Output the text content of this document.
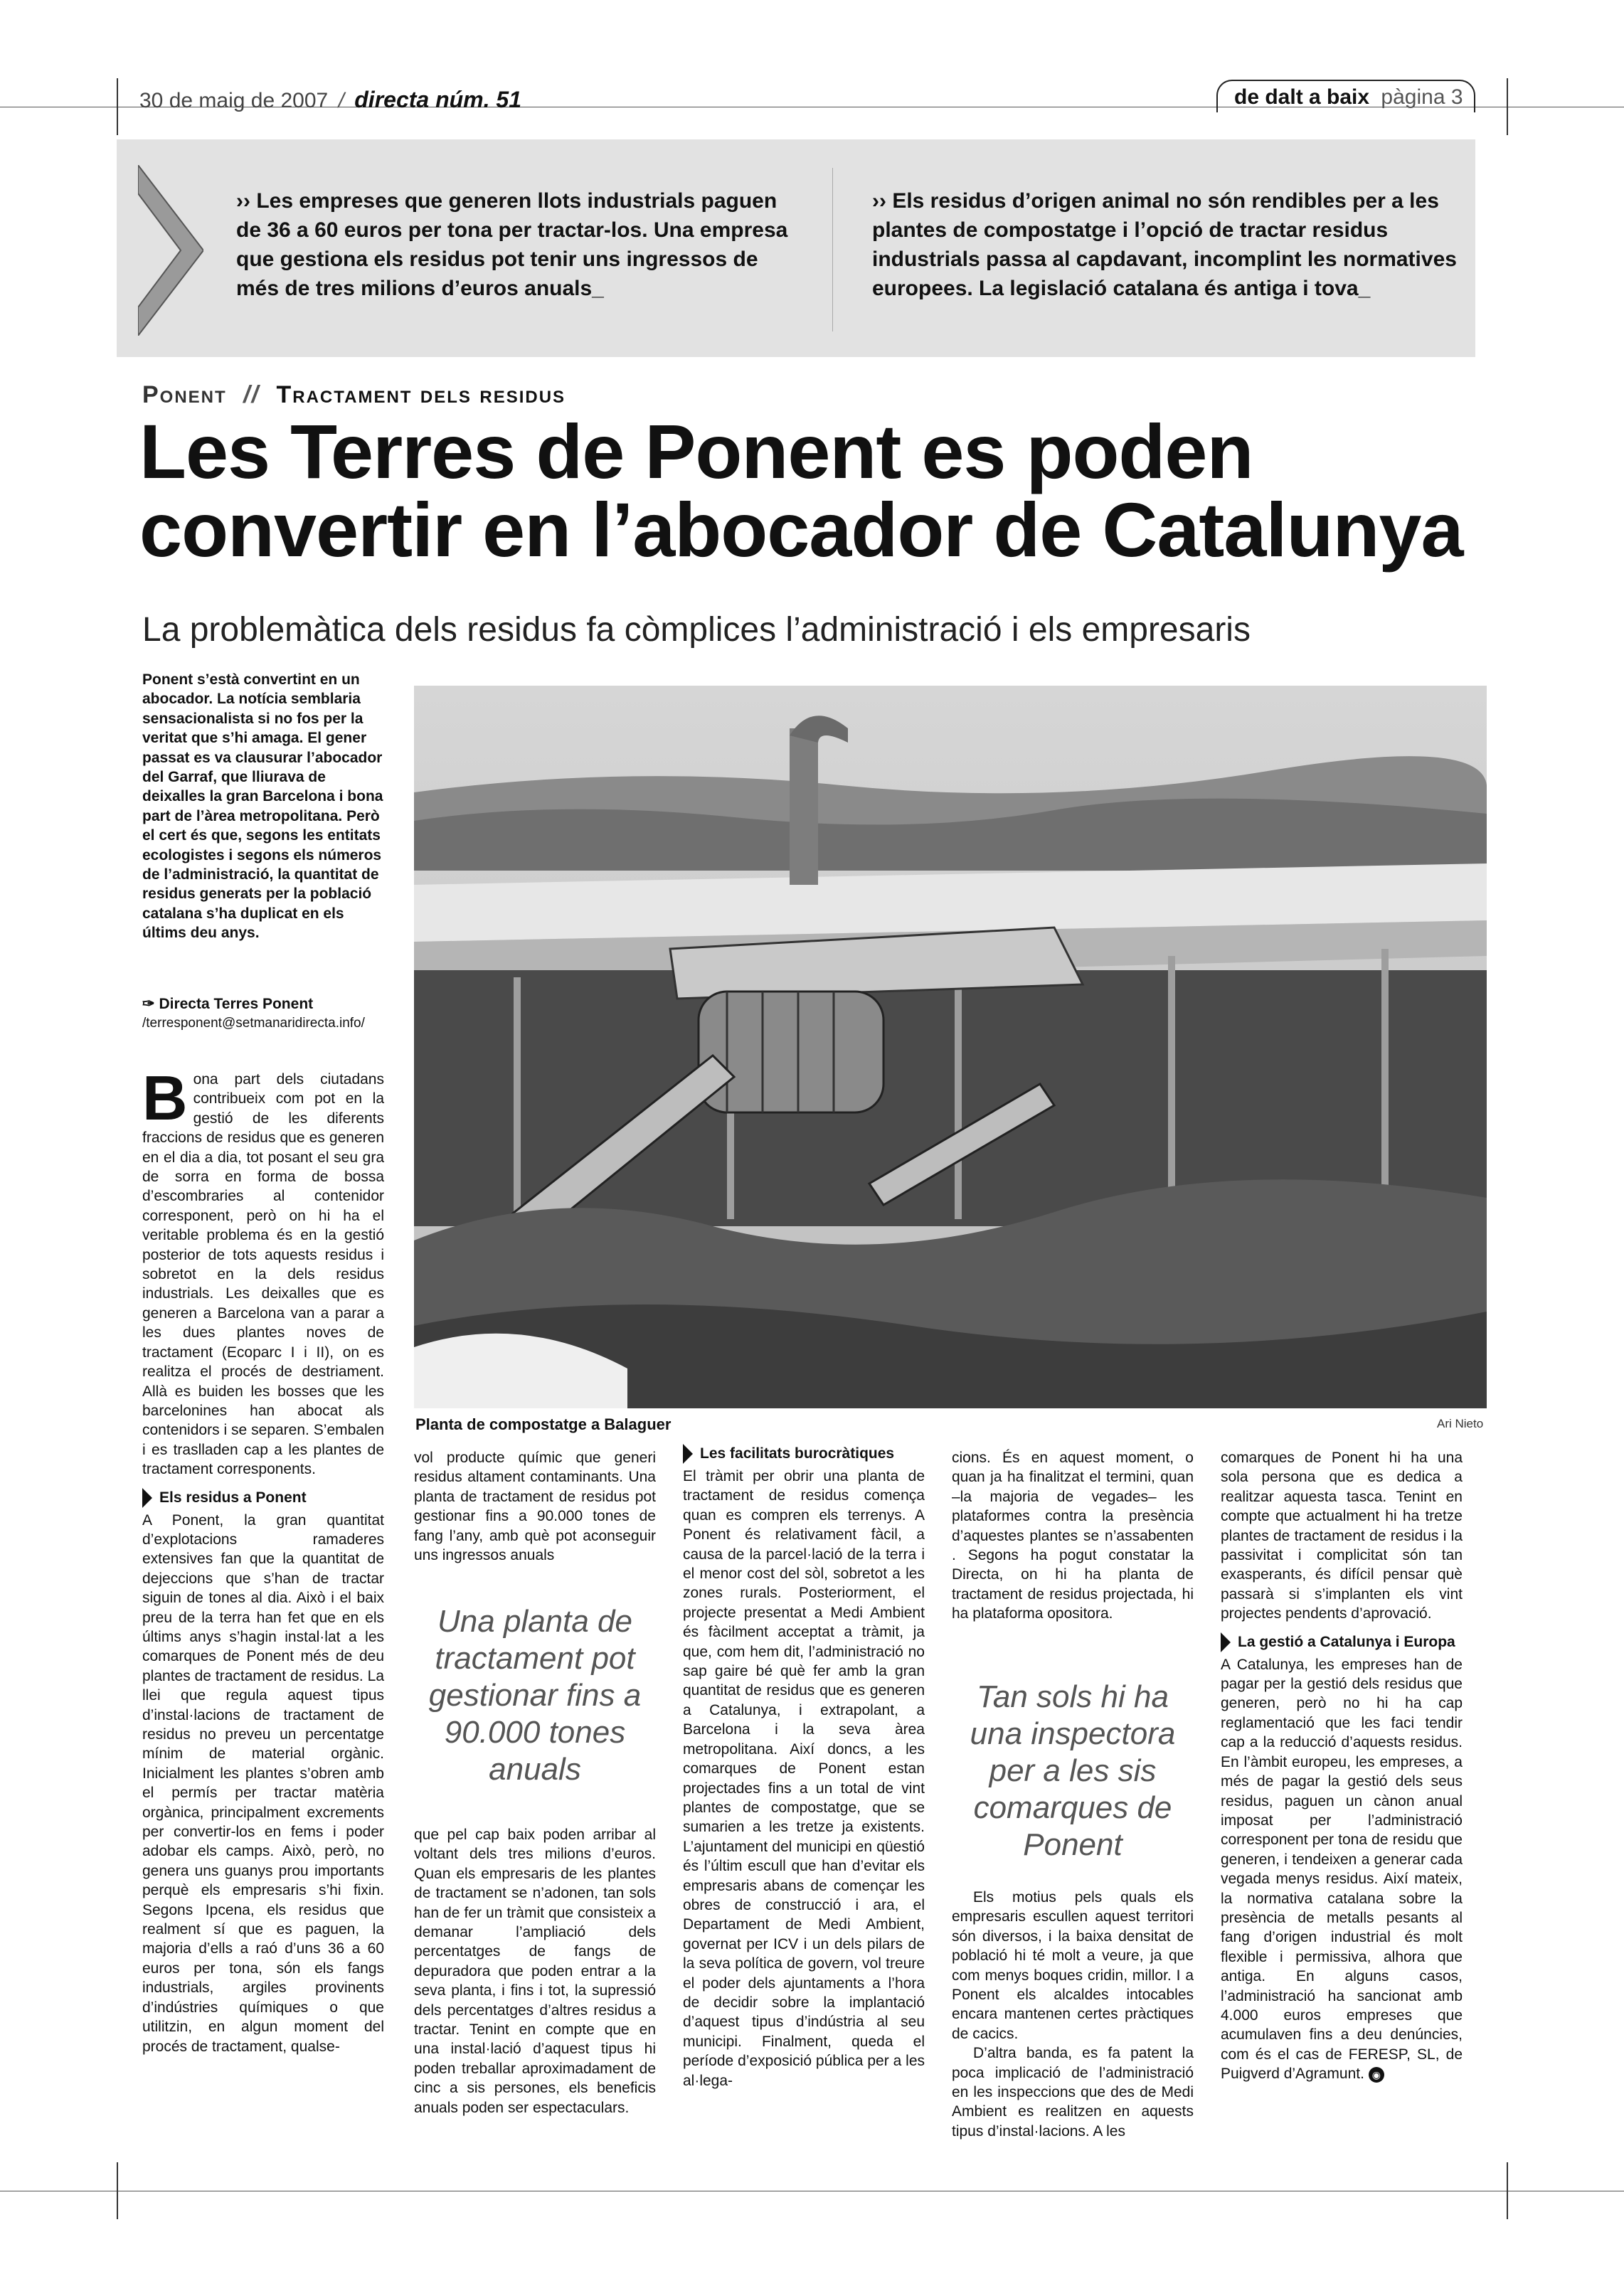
30 de maig de 2007 / directa núm. 51	de dalt a baix pàgina 3
›› Les empreses que generen llots industrials paguen de 36 a 60 euros per tona per tractar-los. Una empresa que gestiona els residus pot tenir uns ingressos de més de tres milions d’euros anuals_
›› Els residus d’origen animal no són rendibles per a les plantes de compostatge i l’opció de tractar residus industrials passa al capdavant, incomplint les normatives europees. La legislació catalana és antiga i tova_
Ponent // Tractament dels residus
Les Terres de Ponent es poden
convertir en l’abocador de Catalunya
La problemàtica dels residus fa còmplices l’administració i els empresaris
Ponent s’està convertint en un abocador. La notícia semblaria sensacionalista si no fos per la veritat que s’hi amaga. El gener passat es va clausurar l’abocador del Garraf, que lliurava de deixalles la gran Barcelona i bona part de l’àrea metropolitana. Però el cert és que, segons les entitats ecologistes i segons els números de l’administració, la quantitat de residus generats per la població catalana s’ha duplicat en els últims deu anys.
✑ Directa Terres Ponent
/terresponent@setmanaridirecta.info/
Planta de compostatge a Balaguer	Ari Nieto

Bona part dels ciutadans contribueix com pot en la gestió de les diferents fraccions de residus que es generen en el dia a dia, tot posant el seu gra de sorra en forma de bossa d’escombraries al contenidor corresponent, però on hi ha el veritable problema és en la gestió posterior de tots aquests residus i sobretot en la dels residus industrials. Les deixalles que es generen a Barcelona van a parar a les dues plantes noves de tractament (Ecoparc I i II), on es realitza el procés de destriament. Allà es buiden les bosses que les barcelonines han abocat als contenidors i se separen. S’embalen i es traslladen cap a les plantes de tractament corresponents.

Els residus a Ponent

A Ponent, la gran quantitat d’explotacions ramaderes extensives fan que la quantitat de dejeccions que s’han de tractar siguin de tones al dia. Això i el baix preu de la terra han fet que en els últims anys s’hagin instal·lat a les comarques de Ponent més de deu plantes de tractament de residus. La llei que regula aquest tipus d’instal·lacions de tractament de residus no preveu un percentatge mínim de material orgànic. Inicialment les plantes s’obren amb el permís per tractar matèria orgànica, principalment excrements per convertir-los en fems i poder adobar els camps. Això, però, no genera uns guanys prou importants perquè els empresaris s’hi fixin. Segons Ipcena, els residus que realment sí que es paguen, la majoria d’ells a raó d’uns 36 a 60 euros per tona, són els fangs industrials, argiles provinents d’indústries químiques o que utilitzin, en algun moment del procés de tractament, qualse-

vol producte químic que generi residus altament contaminants. Una planta de tractament de residus pot gestionar fins a 90.000 tones de fang l’any, amb què pot aconseguir uns ingressos anuals

Una planta de tractament pot gestionar fins a 90.000 tones anuals

que pel cap baix poden arribar al voltant dels tres milions d’euros. Quan els empresaris de les plantes de tractament se n’adonen, tan sols han de fer un tràmit que consisteix a demanar l’ampliació dels percentatges de fangs de depuradora que poden entrar a la seva planta, i fins i tot, la supressió dels percentatges d’altres residus a tractar. Tenint en compte que en una instal·lació d’aquest tipus hi poden treballar aproximadament de cinc a sis persones, els beneficis anuals poden ser espectaculars.

Les facilitats burocràtiques

El tràmit per obrir una planta de tractament de residus comença quan es compren els terrenys. A Ponent és relativament fàcil, a causa de la parcel·lació de la terra i el menor cost del sòl, sobretot a les zones rurals. Posteriorment, el projecte presentat a Medi Ambient és fàcilment acceptat a tràmit, ja que, com hem dit, l’administració no sap gaire bé què fer amb la gran quantitat de residus que es generen a Catalunya, i extrapolant, a Barcelona i la seva àrea metropolitana. Així doncs, a les comarques de Ponent estan projectades fins a un total de vint plantes de compostatge, que se sumarien a les tretze ja existents. L’ajuntament del municipi en qüestió és l’últim escull que han d’evitar els empresaris abans de començar les obres de construcció i ara, el Departament de Medi Ambient, governat per ICV i un dels pilars de la seva política de govern, vol treure el poder dels ajuntaments a l’hora de decidir sobre la implantació d’aquest tipus d’indústria al seu municipi. Finalment, queda el període d’exposició pública per a les al·lega-

cions. És en aquest moment, o quan ja ha finalitzat el termini, quan –la majoria de vegades– les plataformes contra la presència d’aquestes plantes se n’assabenten . Segons ha pogut constatar la Directa, on hi ha planta de tractament de residus projectada, hi ha plataforma opositora.

Tan sols hi ha una inspectora per a les sis comarques de Ponent

Els motius pels quals els empresaris escullen aquest territori són diversos, i la baixa densitat de població hi té molt a veure, ja que com menys boques cridin, millor. I a Ponent els alcaldes intocables encara mantenen certes pràctiques de cacics.

D’altra banda, es fa patent la poca implicació de l’administració en les inspeccions que des de Medi Ambient es realitzen en aquests tipus d’instal·lacions. A les

comarques de Ponent hi ha una sola persona que es dedica a realitzar aquesta tasca. Tenint en compte que actualment hi ha tretze plantes de tractament de residus i la passivitat i complicitat són tan exasperants, és difícil pensar què passarà si s’implanten els vint projectes pendents d’aprovació.

La gestió a Catalunya i Europa

A Catalunya, les empreses han de pagar per la gestió dels residus que generen, però no hi ha cap reglamentació que les faci tendir cap a la reducció d’aquests residus. En l’àmbit europeu, les empreses, a més de pagar la gestió dels seus residus, paguen un cànon anual imposat per l’administració corresponent per tona de residu que generen, i tendeixen a generar cada vegada menys residus. Així mateix, la normativa catalana sobre la presència de metalls pesants al fang d’origen industrial és molt flexible i permissiva, alhora que antiga. En alguns casos, l’administració ha sancionat amb 4.000 euros empreses que acumulaven fins a deu denúncies, com és el cas de FERESP, SL, de Puigverd d’Agramunt. ◉
